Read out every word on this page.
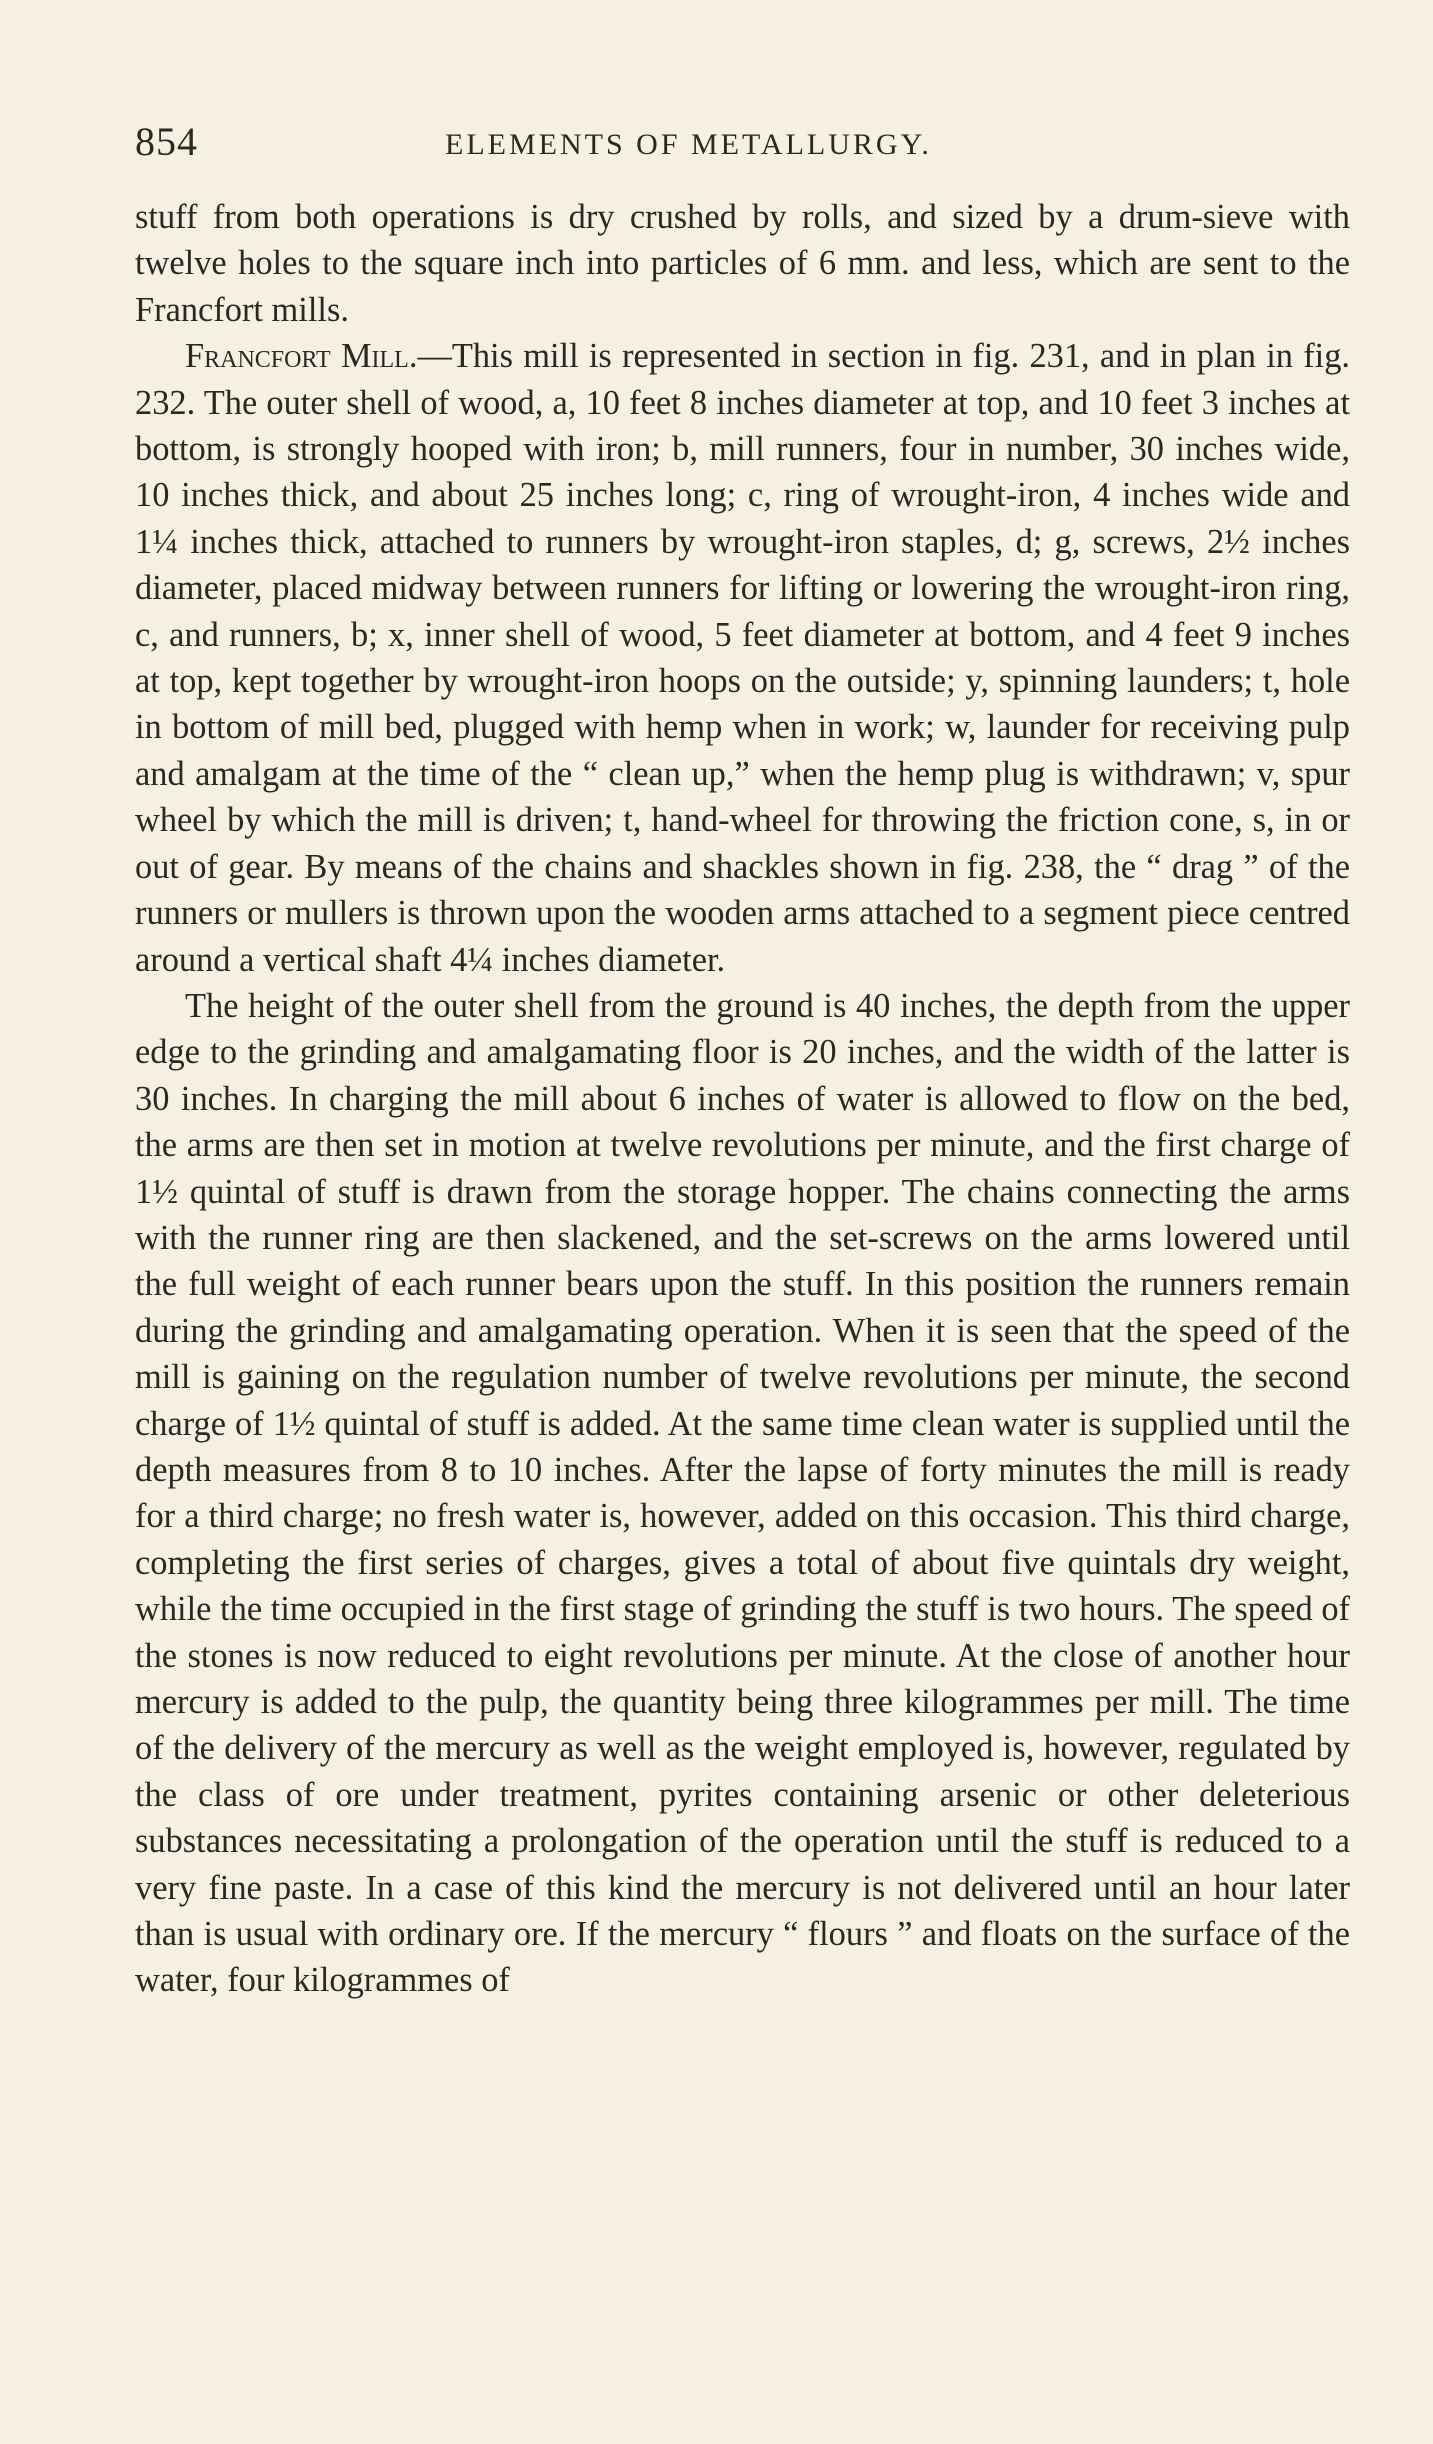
854	ELEMENTS OF METALLURGY.

stuff from both operations is dry crushed by rolls, and sized by a drum-sieve with twelve holes to the square inch into particles of 6 mm. and less, which are sent to the Francfort mills.

Francfort Mill.—This mill is represented in section in fig. 231, and in plan in fig. 232. The outer shell of wood, a, 10 feet 8 inches diameter at top, and 10 feet 3 inches at bottom, is strongly hooped with iron; b, mill runners, four in number, 30 inches wide, 10 inches thick, and about 25 inches long; c, ring of wrought-iron, 4 inches wide and 1¼ inches thick, attached to runners by wrought-iron staples, d; g, screws, 2½ inches diameter, placed midway between runners for lifting or lowering the wrought-iron ring, c, and runners, b; x, inner shell of wood, 5 feet diameter at bottom, and 4 feet 9 inches at top, kept together by wrought-iron hoops on the outside; y, spinning launders; t, hole in bottom of mill bed, plugged with hemp when in work; w, launder for receiving pulp and amalgam at the time of the “ clean up,” when the hemp plug is withdrawn; v, spur wheel by which the mill is driven; t, hand-wheel for throwing the friction cone, s, in or out of gear. By means of the chains and shackles shown in fig. 238, the “ drag ” of the runners or mullers is thrown upon the wooden arms attached to a segment piece centred around a vertical shaft 4¼ inches diameter.

The height of the outer shell from the ground is 40 inches, the depth from the upper edge to the grinding and amalgamating floor is 20 inches, and the width of the latter is 30 inches. In charging the mill about 6 inches of water is allowed to flow on the bed, the arms are then set in motion at twelve revolutions per minute, and the first charge of 1½ quintal of stuff is drawn from the storage hopper. The chains connecting the arms with the runner ring are then slackened, and the set-screws on the arms lowered until the full weight of each runner bears upon the stuff. In this position the runners remain during the grinding and amalgamating operation. When it is seen that the speed of the mill is gaining on the regulation number of twelve revolutions per minute, the second charge of 1½ quintal of stuff is added. At the same time clean water is supplied until the depth measures from 8 to 10 inches. After the lapse of forty minutes the mill is ready for a third charge; no fresh water is, however, added on this occasion. This third charge, completing the first series of charges, gives a total of about five quintals dry weight, while the time occupied in the first stage of grinding the stuff is two hours. The speed of the stones is now reduced to eight revolutions per minute. At the close of another hour mercury is added to the pulp, the quantity being three kilogrammes per mill. The time of the delivery of the mercury as well as the weight employed is, however, regulated by the class of ore under treatment, pyrites containing arsenic or other deleterious substances necessitating a prolongation of the operation until the stuff is reduced to a very fine paste. In a case of this kind the mercury is not delivered until an hour later than is usual with ordinary ore. If the mercury “ flours ” and floats on the surface of the water, four kilogrammes of
